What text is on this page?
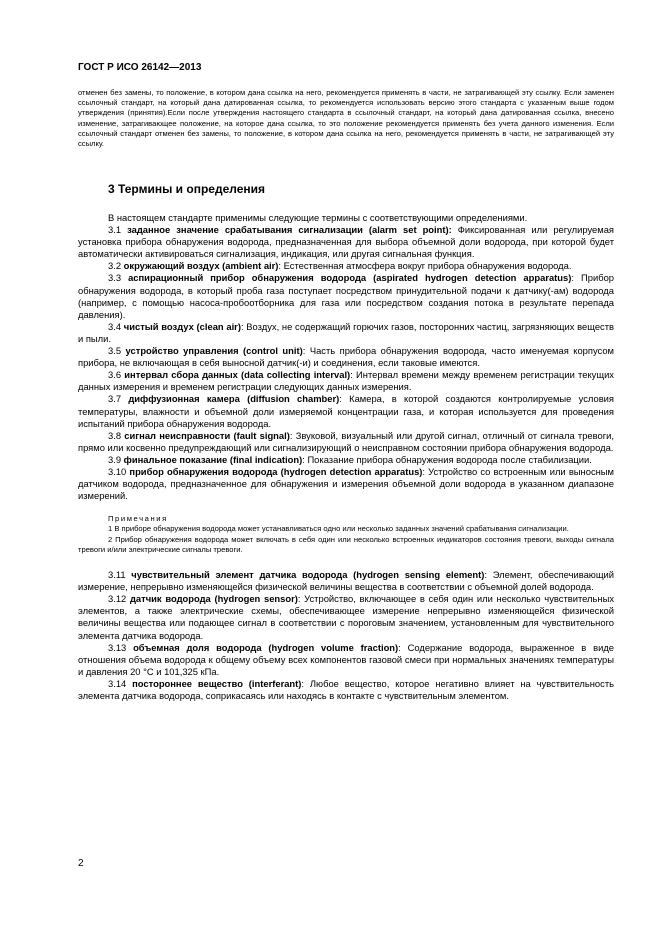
ГОСТ Р ИСО 26142—2013

отменен без замены, то положение, в котором дана ссылка на него, рекомендуется применять в части, не затрагивающей эту ссылку. Если заменен ссылочный стандарт, на который дана датированная ссылка, то рекомендуется использовать версию этого стандарта с указанным выше годом утверждения (принятия).Если после утверждения настоящего стандарта в ссылочный стандарт, на который дана датированная ссылка, внесено изменение, затрагивающее положение, на которое дана ссылка, то это положение рекомендуется применять без учета данного изменения. Если ссылочный стандарт отменен без замены, то положение, в котором дана ссылка на него, рекомендуется применять в части, не затрагивающей эту ссылку.

3 Термины и определения

В настоящем стандарте применимы следующие термины с соответствующими определениями.

3.1 заданное значение срабатывания сигнализации (alarm set point): Фиксированная или регулируемая установка прибора обнаружения водорода, предназначенная для выбора объемной доли водорода, при которой будет автоматически активироваться сигнализация, индикация, или другая сигнальная функция.

3.2 окружающий воздух (ambient air): Естественная атмосфера вокруг прибора обнаружения водорода.

3.3 аспирационный прибор обнаружения водорода (aspirated hydrogen detection apparatus): Прибор обнаружения водорода, в который проба газа поступает посредством принудительной подачи к датчику(-ам) водорода (например, с помощью насоса-пробоотборника для газа или посредством создания потока в результате перепада давления).

3.4 чистый воздух (clean air): Воздух, не содержащий горючих газов, посторонних частиц, загрязняющих веществ и пыли.

3.5 устройство управления (control unit): Часть прибора обнаружения водорода, часто именуемая корпусом прибора, не включающая в себя выносной датчик(-и) и соединения, если таковые имеются.

3.6 интервал сбора данных (data collecting interval): Интервал времени между временем регистрации текущих данных измерения и временем регистрации следующих данных измерения.

3.7 диффузионная камера (diffusion chamber): Камера, в которой создаются контролируемые условия температуры, влажности и объемной доли измеряемой концентрации газа, и которая используется для проведения испытаний прибора обнаружения водорода.

3.8 сигнал неисправности (fault signal): Звуковой, визуальный или другой сигнал, отличный от сигнала тревоги, прямо или косвенно предупреждающий или сигнализирующий о неисправном состоянии прибора обнаружения водорода.

3.9 финальное показание (final indication): Показание прибора обнаружения водорода после стабилизации.

3.10 прибор обнаружения водорода (hydrogen detection apparatus): Устройство со встроенным или выносным датчиком водорода, предназначенное для обнаружения и измерения объемной доли водорода в указанном диапазоне измерений.

Примечания

1 В приборе обнаружения водорода может устанавливаться одно или несколько заданных значений срабатывания сигнализации.

2 Прибор обнаружения водорода может включать в себя один или несколько встроенных индикаторов состояния тревоги, выходы сигнала тревоги и/или электрические сигналы тревоги.

3.11 чувствительный элемент датчика водорода (hydrogen sensing element): Элемент, обеспечивающий измерение, непрерывно изменяющейся физической величины вещества в соответствии с объемной долей водорода.

3.12 датчик водорода (hydrogen sensor): Устройство, включающее в себя один или несколько чувствительных элементов, а также электрические схемы, обеспечивающее измерение непрерывно изменяющейся физической величины вещества или подающее сигнал в соответствии с пороговым значением, установленным для чувствительного элемента датчика водорода.

3.13 объемная доля водорода (hydrogen volume fraction): Содержание водорода, выраженное в виде отношения объема водорода к общему объему всех компонентов газовой смеси при нормальных значениях температуры и давления 20 °С и 101,325 кПа.

3.14 постороннее вещество (interferant): Любое вещество, которое негативно влияет на чувствительность элемента датчика водорода, соприкасаясь или находясь в контакте с чувствительным элементом.

2
